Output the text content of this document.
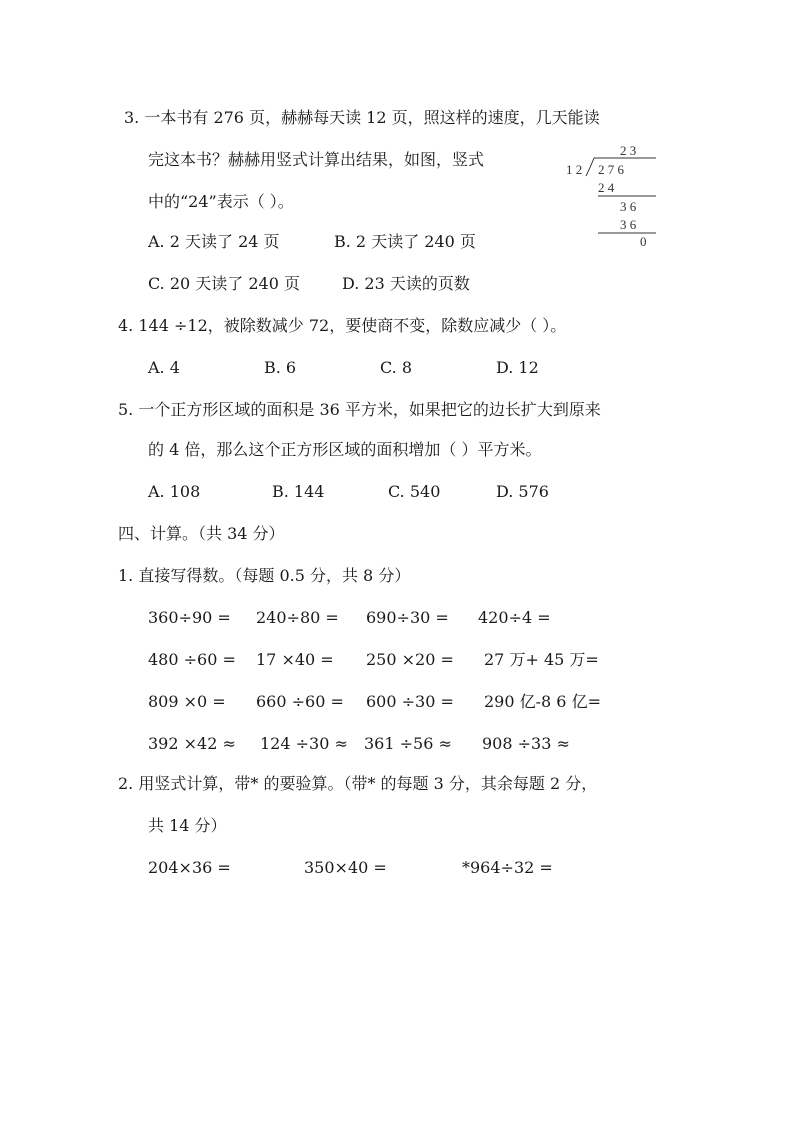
3. 一本书有 276 页，赫赫每天读 12 页，照这样的速度，几天能读
完这本书？赫赫用竖式计算出结果，如图，竖式
中的“24”表示（ ）。
2 3
1 2 2 7 6
2 4
3 6
3 6
0
A. 2 天读了 24 页	B. 2 天读了 240 页
C. 20 天读了 240 页	D. 23 天读的页数
4. 144 ÷12，被除数减少 72，要使商不变，除数应减少（ ）。
A. 4	B. 6	C. 8	D. 12
5. 一个正方形区域的面积是 36 平方米，如果把它的边长扩大到原来
的 4 倍，那么这个正方形区域的面积增加（ ）平方米。
A. 108	B. 144	C. 540	D. 576
四、计算。（共 34 分）
1. 直接写得数。（每题 0.5 分，共 8 分）
360÷90 = 240÷80 = 690÷30 = 420÷4 =
480 ÷60 = 17 ×40 = 250 ×20 = 27 万+ 45 万=
809 ×0 = 660 ÷60 = 600 ÷30 = 290 亿-8 6 亿=
392 ×42 ≈ 124 ÷30 ≈ 361 ÷56 ≈ 908 ÷33 ≈
2. 用竖式计算，带* 的要验算。（带* 的每题 3 分，其余每题 2 分，
共 14 分）
204×36 =	350×40 =	*964÷32 =
